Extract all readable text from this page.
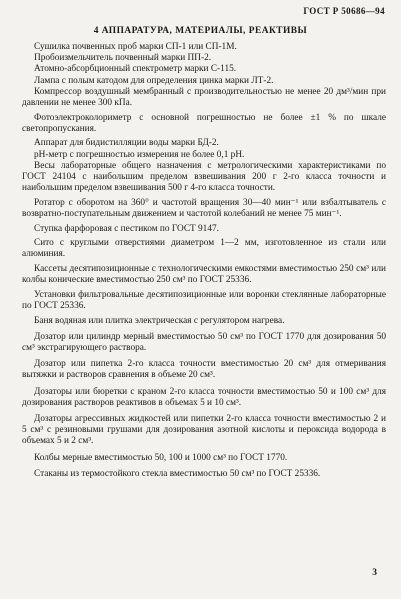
ГОСТ Р 50686—94
4 АППАРАТУРА, МАТЕРИАЛЫ, РЕАКТИВЫ

Сушилка почвенных проб марки СП-1 или СП-1М.

Пробоизмельчитель почвенный марки ПП-2.

Атомно-абсорбционный спектрометр марки С-115.

Лампа с полым катодом для определения цинка марки ЛТ-2.

Компрессор воздушный мембранный с производительностью не менее 20 дм³/мин при давлении не менее 300 кПа.

Фотоэлектроколориметр с основной погрешностью не более ±1 % по шкале светопропускания.

Аппарат для бидистилляции воды марки БД-2.

рН-метр с погрешностью измерения не более 0,1 рН.

Весы лабораторные общего назначения с метрологическими характеристиками по ГОСТ 24104 с наибольшим пределом взвешивания 200 г 2-го класса точности и наибольшим пределом взвешивания 500 г 4-го класса точности.

Ротатор с оборотом на 360° и частотой вращения 30—40 мин⁻¹ или взбалтыватель с возвратно-поступательным движением и частотой колебаний не менее 75 мин⁻¹.

Ступка фарфоровая с пестиком по ГОСТ 9147.

Сито с круглыми отверстиями диаметром 1—2 мм, изготовленное из стали или алюминия.

Кассеты десятипозиционные с технологическими емкостями вместимостью 250 см³ или колбы конические вместимостью 250 см³ по ГОСТ 25336.

Установки фильтровальные десятипозиционные или воронки стеклянные лабораторные по ГОСТ 25336.

Баня водяная или плитка электрическая с регулятором нагрева.

Дозатор или цилиндр мерный вместимостью 50 см³ по ГОСТ 1770 для дозирования 50 см³ экстрагирующего раствора.

Дозатор или пипетка 2-го класса точности вместимостью 20 см³ для отмеривания вытяжки и растворов сравнения в объеме 20 см³.

Дозаторы или бюретки с краном 2-го класса точности вместимостью 50 и 100 см³ для дозирования растворов реактивов в объемах 5 и 10 см³.

Дозаторы агрессивных жидкостей или пипетки 2-го класса точности вместимостью 2 и 5 см³ с резиновыми грушами для дозирования азотной кислоты и пероксида водорода в объемах 5 и 2 см³.

Колбы мерные вместимостью 50, 100 и 1000 см³ по ГОСТ 1770.

Стаканы из термостойкого стекла вместимостью 50 см³ по ГОСТ 25336.

3
